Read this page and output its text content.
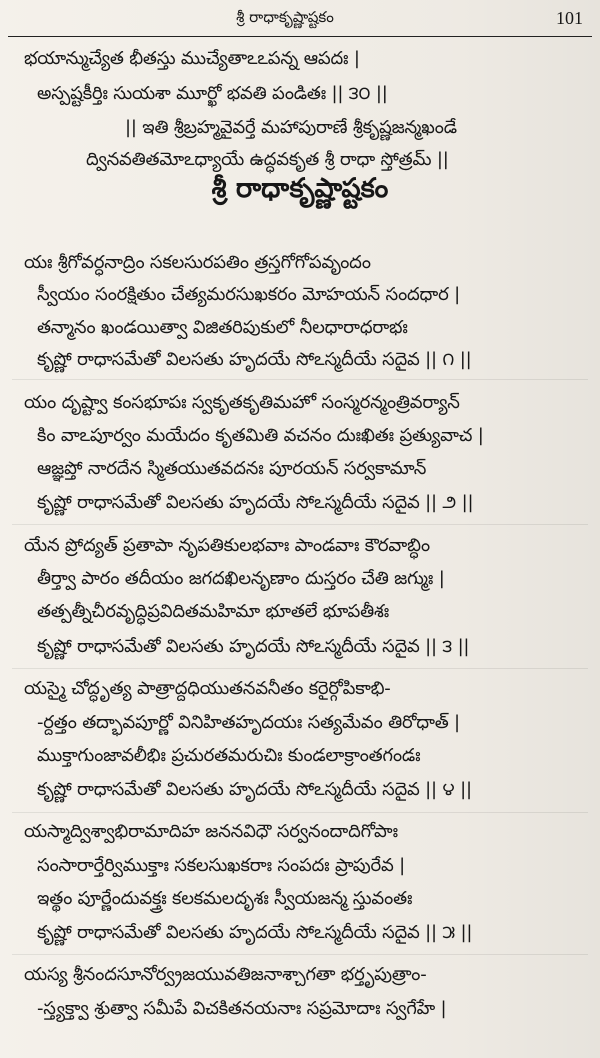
శ్రీ రాధాకృష్ణాష్టకం	101
భయాన్ముచ్యేత భీతస్తు ముచ్యేతాఽఽపన్న ఆపదః |
అస్పష్టకీర్తిః సుయశా మూర్ఖో భవతి పండితః || ౩౦ ||
|| ఇతి శ్రీబ్రహ్మవైవర్తే మహాపురాణే శ్రీకృష్ణజన్మఖండే
ద్వినవతితమోఽధ్యాయే ఉద్ధవకృత శ్రీ రాధా స్తోత్రమ్ ||
శ్రీ రాధాకృష్ణాష్టకం
యః శ్రీగోవర్ధనాద్రిం సకలసురపతిం త్రస్తగోగోపవృందం
స్వీయం సంరక్షితుం చేత్యమరసుఖకరం మోహయన్ సందధార |
తన్మానం ఖండయిత్వా విజితరిపుకులో నీలధారాధరాభః
కృష్ణో రాధాసమేతో విలసతు హృదయే సోఽస్మదీయే సదైవ || ౧ ||
యం దృష్ట్వా కంసభూపః స్వకృతకృతిమహో సంస్మరన్మంత్రివర్యాన్
కిం వాఽపూర్వం మయేదం కృతమితి వచనం దుఃఖితః ప్రత్యువాచ |
ఆజ్ఞప్తో నారదేన స్మితయుతవదనః పూరయన్ సర్వకామాన్
కృష్ణో రాధాసమేతో విలసతు హృదయే సోఽస్మదీయే సదైవ || ౨ ||
యేన ప్రోద్యత్ ప్రతాపా నృపతికులభవాః పాండవాః కౌరవాబ్ధిం
తీర్త్వా పారం తదీయం జగదఖిలనృణాం దుస్తరం చేతి జగ్ముః |
తత్పత్నీచీరవృద్ధిప్రవిదితమహిమా భూతలే భూపతీశః
కృష్ణో రాధాసమేతో విలసతు హృదయే సోఽస్మదీయే సదైవ || ౩ ||
యస్మై చోద్ధృత్య పాత్రాద్దధియుతనవనీతం కరైర్గోపికాభి-
-ర్దత్తం తద్భావపూర్ణో వినిహితహృదయః సత్యమేవం తిరోధాత్ |
ముక్తాగుంజావలీభిః ప్రచురతమరుచిః కుండలాక్రాంతగండః
కృష్ణో రాధాసమేతో విలసతు హృదయే సోఽస్మదీయే సదైవ || ౪ ||
యస్మాద్విశ్వాభిరామాదిహ జననవిధౌ సర్వనందాదిగోపాః
సంసారార్తేర్విముక్తాః సకలసుఖకరాః సంపదః ప్రాపురేవ |
ఇత్థం పూర్ణేందువక్త్రః కలకమలదృశః స్వీయజన్మ స్తువంతః
కృష్ణో రాధాసమేతో విలసతు హృదయే సోఽస్మదీయే సదైవ || ౫ ||
యస్య శ్రీనందసూనోర్వ్రజయువతిజనాశ్చాగతా భర్తృపుత్రాం-
-స్త్యక్త్వా శ్రుత్వా సమీపే విచకితనయనాః సప్రమోదాః స్వగేహే |
